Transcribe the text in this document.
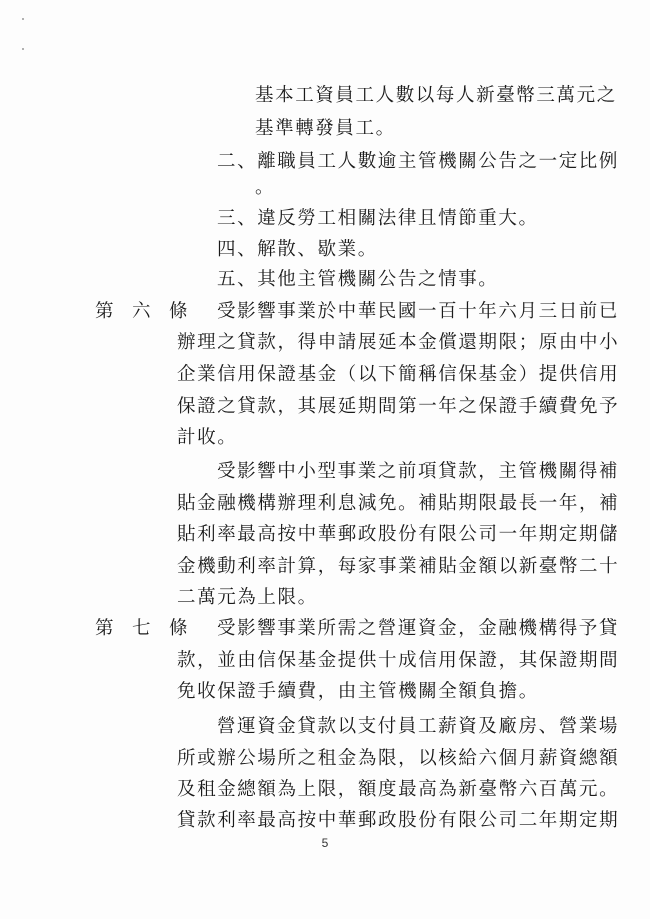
基本工資員工人數以每人新臺幣三萬元之
基準轉發員工。
二、離職員工人數逾主管機關公告之一定比例
。
三、違反勞工相關法律且情節重大。
四、解散、歇業。
五、其他主管機關公告之情事。
第 六 條	受影響事業於中華民國一百十年六月三日前已
辦理之貸款，得申請展延本金償還期限；原由中小
企業信用保證基金（以下簡稱信保基金）提供信用
保證之貸款，其展延期間第一年之保證手續費免予
計收。
受影響中小型事業之前項貸款，主管機關得補
貼金融機構辦理利息減免。補貼期限最長一年，補
貼利率最高按中華郵政股份有限公司一年期定期儲
金機動利率計算，每家事業補貼金額以新臺幣二十
二萬元為上限。
第 七 條	受影響事業所需之營運資金，金融機構得予貸
款，並由信保基金提供十成信用保證，其保證期間
免收保證手續費，由主管機關全額負擔。
營運資金貸款以支付員工薪資及廠房、營業場
所或辦公場所之租金為限，以核給六個月薪資總額
及租金總額為上限，額度最高為新臺幣六百萬元。
貸款利率最高按中華郵政股份有限公司二年期定期
5
